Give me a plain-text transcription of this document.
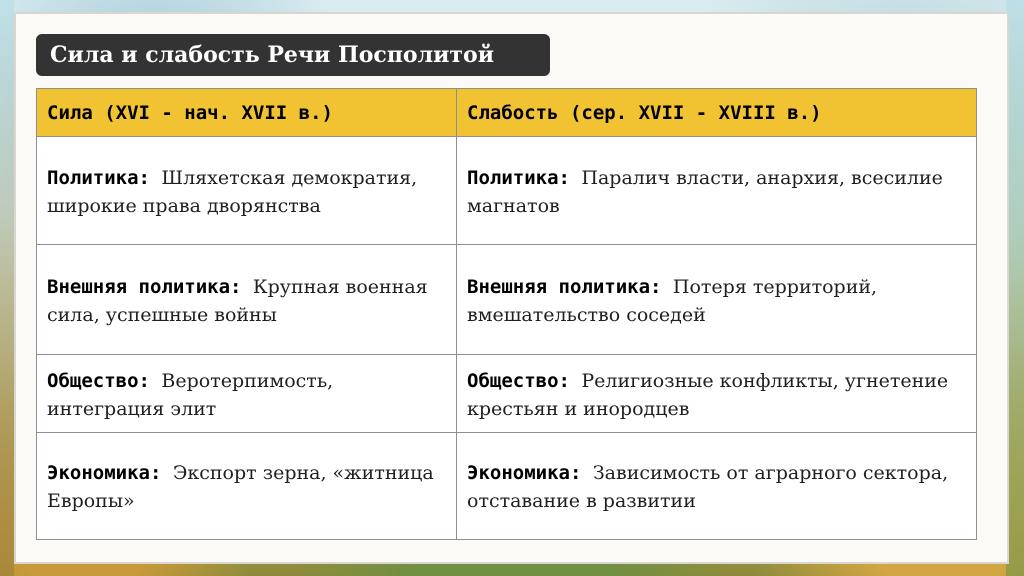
Сила и слабость Речи Посполитой
Сила (XVI - нач. XVII в.)	Слабость (сер. XVII - XVIII в.)
Политика: Шляхетская демократия, широкие права дворянства	Политика: Паралич власти, анархия, всесилие магнатов
Внешняя политика: Крупная военная сила, успешные войны	Внешняя политика: Потеря территорий, вмешательство соседей
Общество: Веротерпимость, интеграция элит	Общество: Религиозные конфликты, угнетение крестьян и инородцев
Экономика: Экспорт зерна, «житница Европы»	Экономика: Зависимость от аграрного сектора, отставание в развитии
